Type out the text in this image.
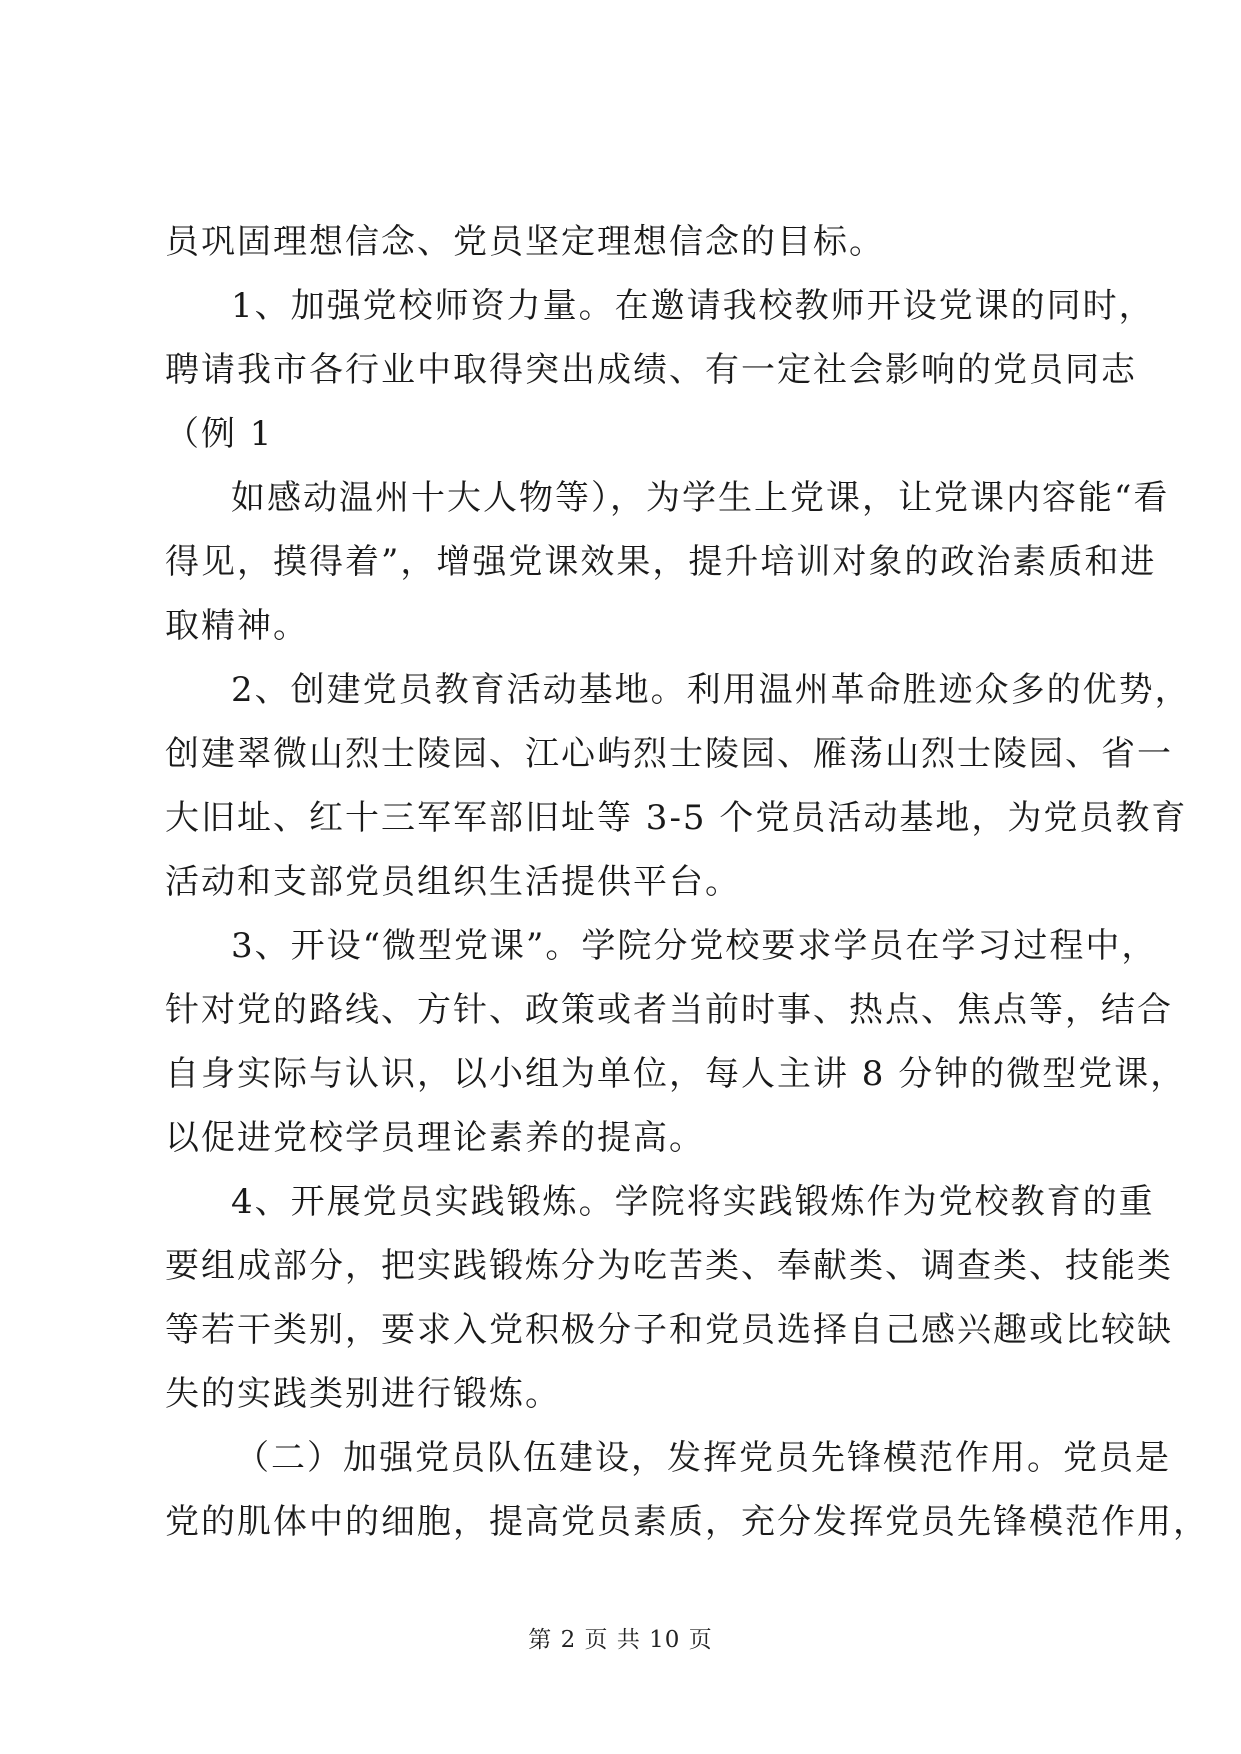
员巩固理想信念、党员坚定理想信念的目标。
1、加强党校师资力量。在邀请我校教师开设党课的同时，
聘请我市各行业中取得突出成绩、有一定社会影响的党员同志
（例 1
如感动温州十大人物等），为学生上党课，让党课内容能“看
得见，摸得着”，增强党课效果，提升培训对象的政治素质和进
取精神。
2、创建党员教育活动基地。利用温州革命胜迹众多的优势，
创建翠微山烈士陵园、江心屿烈士陵园、雁荡山烈士陵园、省一
大旧址、红十三军军部旧址等 3-5 个党员活动基地，为党员教育
活动和支部党员组织生活提供平台。
3、开设“微型党课”。学院分党校要求学员在学习过程中，
针对党的路线、方针、政策或者当前时事、热点、焦点等，结合
自身实际与认识，以小组为单位，每人主讲 8 分钟的微型党课，
以促进党校学员理论素养的提高。
4、开展党员实践锻炼。学院将实践锻炼作为党校教育的重
要组成部分，把实践锻炼分为吃苦类、奉献类、调查类、技能类
等若干类别，要求入党积极分子和党员选择自己感兴趣或比较缺
失的实践类别进行锻炼。
（二）加强党员队伍建设，发挥党员先锋模范作用。党员是
党的肌体中的细胞，提高党员素质，充分发挥党员先锋模范作用，
第 2 页 共 10 页
